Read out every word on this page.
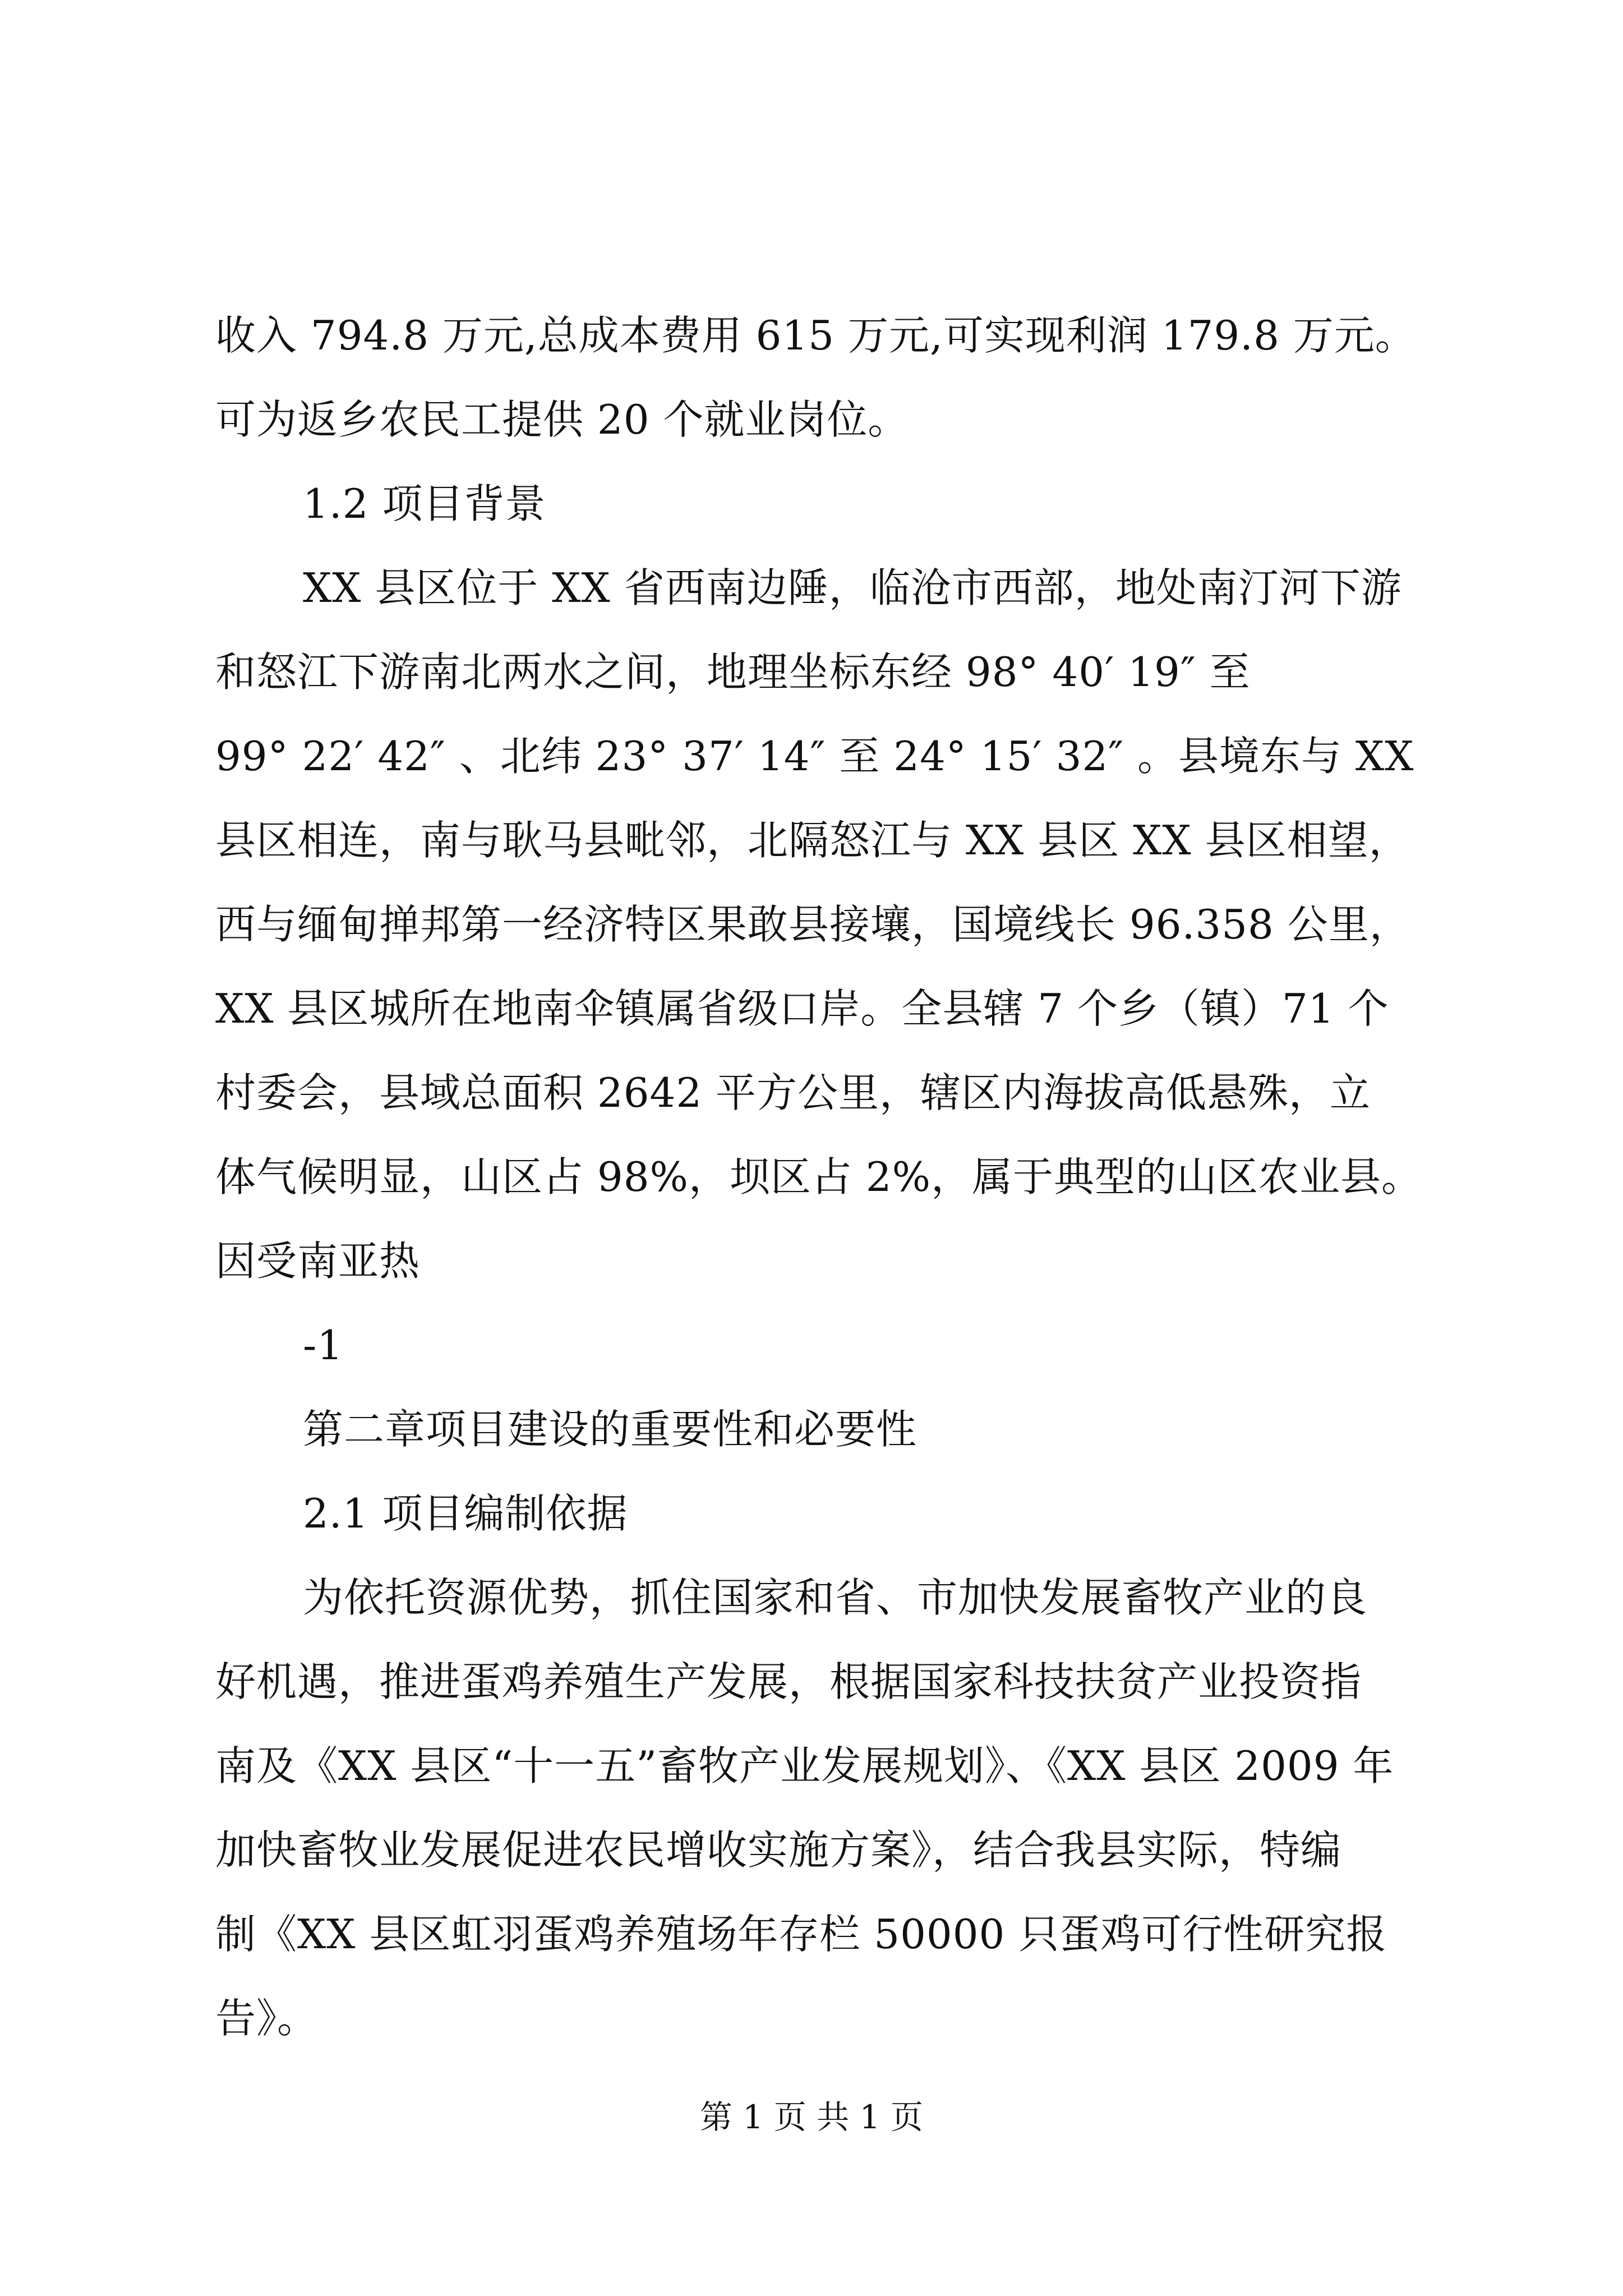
收入 794.8 万元,总成本费用 615 万元,可实现利润 179.8 万元。
可为返乡农民工提供 20 个就业岗位。
1.2 项目背景
XX 县区位于 XX 省西南边陲，临沧市西部，地处南汀河下游
和怒江下游南北两水之间，地理坐标东经 98° 40′ 19″ 至
99° 22′ 42″ 、北纬 23° 37′ 14″ 至 24° 15′ 32″ 。县境东与 XX
县区相连，南与耿马县毗邻，北隔怒江与 XX 县区 XX 县区相望，
西与缅甸掸邦第一经济特区果敢县接壤，国境线长 96.358 公里，
XX 县区城所在地南伞镇属省级口岸。全县辖 7 个乡（镇）71 个
村委会，县域总面积 2642 平方公里，辖区内海拔高低悬殊，立
体气候明显，山区占 98%，坝区占 2%，属于典型的山区农业县。
因受南亚热
-1
第二章项目建设的重要性和必要性
2.1 项目编制依据
为依托资源优势，抓住国家和省、市加快发展畜牧产业的良
好机遇，推进蛋鸡养殖生产发展，根据国家科技扶贫产业投资指
南及《XX 县区“十一五”畜牧产业发展规划》、《XX 县区 2009 年
加快畜牧业发展促进农民增收实施方案》，结合我县实际，特编
制《XX 县区虹羽蛋鸡养殖场年存栏 50000 只蛋鸡可行性研究报
告》。
第 1 页 共 1 页
